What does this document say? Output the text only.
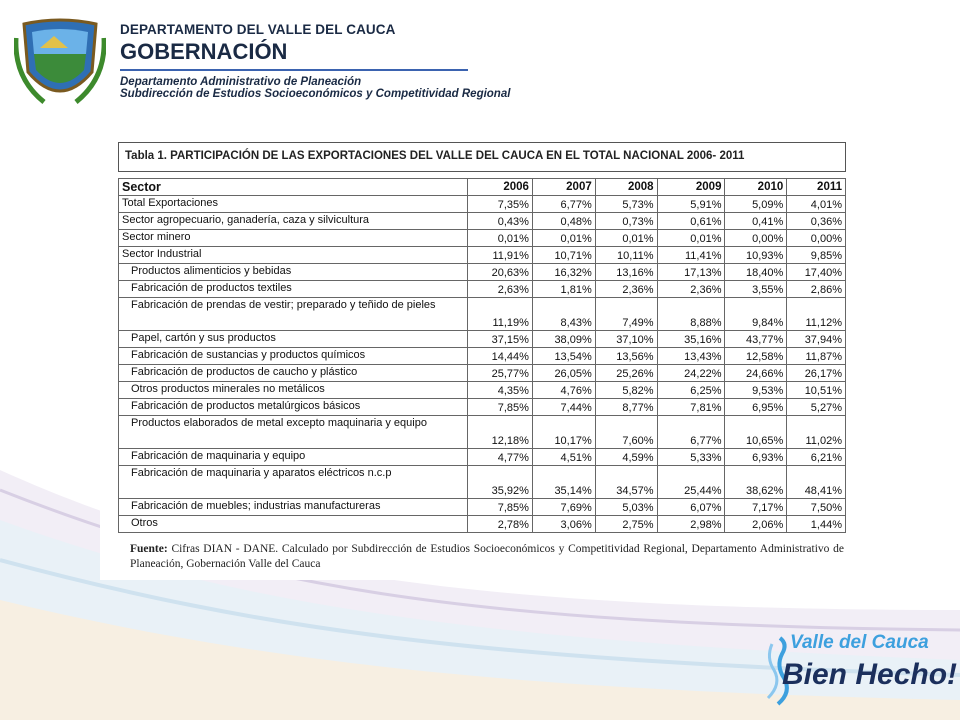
DEPARTAMENTO DEL VALLE DEL CAUCA
GOBERNACIÓN
Departamento Administrativo de Planeación
Subdirección de Estudios Socioeconómicos y Competitividad Regional
Tabla 1. PARTICIPACIÓN DE LAS EXPORTACIONES DEL VALLE DEL CAUCA EN EL TOTAL NACIONAL 2006- 2011
Sector	2006	2007	2008	2009	2010	2011
Total Exportaciones	7,35%	6,77%	5,73%	5,91%	5,09%	4,01%
Sector agropecuario, ganadería, caza y silvicultura	0,43%	0,48%	0,73%	0,61%	0,41%	0,36%
Sector minero	0,01%	0,01%	0,01%	0,01%	0,00%	0,00%
Sector Industrial	11,91%	10,71%	10,11%	11,41%	10,93%	9,85%
Productos alimenticios y bebidas	20,63%	16,32%	13,16%	17,13%	18,40%	17,40%
Fabricación de productos textiles	2,63%	1,81%	2,36%	2,36%	3,55%	2,86%
Fabricación de prendas de vestir; preparado y teñido de pieles	11,19%	8,43%	7,49%	8,88%	9,84%	11,12%
Papel, cartón y sus productos	37,15%	38,09%	37,10%	35,16%	43,77%	37,94%
Fabricación de sustancias y productos químicos	14,44%	13,54%	13,56%	13,43%	12,58%	11,87%
Fabricación de productos de caucho y plástico	25,77%	26,05%	25,26%	24,22%	24,66%	26,17%
Otros productos minerales no metálicos	4,35%	4,76%	5,82%	6,25%	9,53%	10,51%
Fabricación de productos metalúrgicos básicos	7,85%	7,44%	8,77%	7,81%	6,95%	5,27%
Productos elaborados de metal excepto maquinaria y equipo	12,18%	10,17%	7,60%	6,77%	10,65%	11,02%
Fabricación de maquinaria y equipo	4,77%	4,51%	4,59%	5,33%	6,93%	6,21%
Fabricación de maquinaria y aparatos eléctricos n.c.p	35,92%	35,14%	34,57%	25,44%	38,62%	48,41%
Fabricación de muebles; industrias manufactureras	7,85%	7,69%	5,03%	6,07%	7,17%	7,50%
Otros	2,78%	3,06%	2,75%	2,98%	2,06%	1,44%
Fuente: Cifras DIAN - DANE. Calculado por Subdirección de Estudios Socioeconómicos y Competitividad Regional, Departamento Administrativo de Planeación, Gobernación Valle del Cauca
Valle del Cauca
Bien Hecho!
